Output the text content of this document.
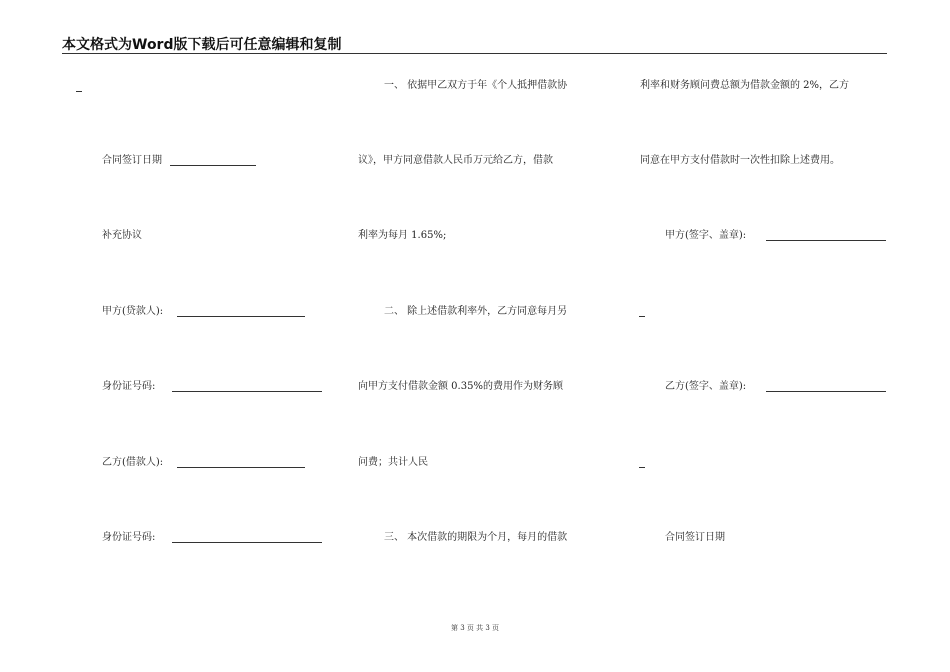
本文格式为Word版下载后可任意编辑和复制
合同签订日期
补充协议
甲方(贷款人):
身份证号码:
乙方(借款人):
身份证号码:
一、 依据甲乙双方于年《个人抵押借款协
议》，甲方同意借款人民币万元给乙方，借款
利率为每月 1.65%;
二、 除上述借款利率外，乙方同意每月另
向甲方支付借款金额 0.35%的费用作为财务顾
问费；共计人民
三、 本次借款的期限为个月，每月的借款
利率和财务顾问费总额为借款金额的 2%，乙方
同意在甲方支付借款时一次性扣除上述费用。
甲方(签字、盖章):
乙方(签字、盖章):
合同签订日期
第 3 页 共 3 页
